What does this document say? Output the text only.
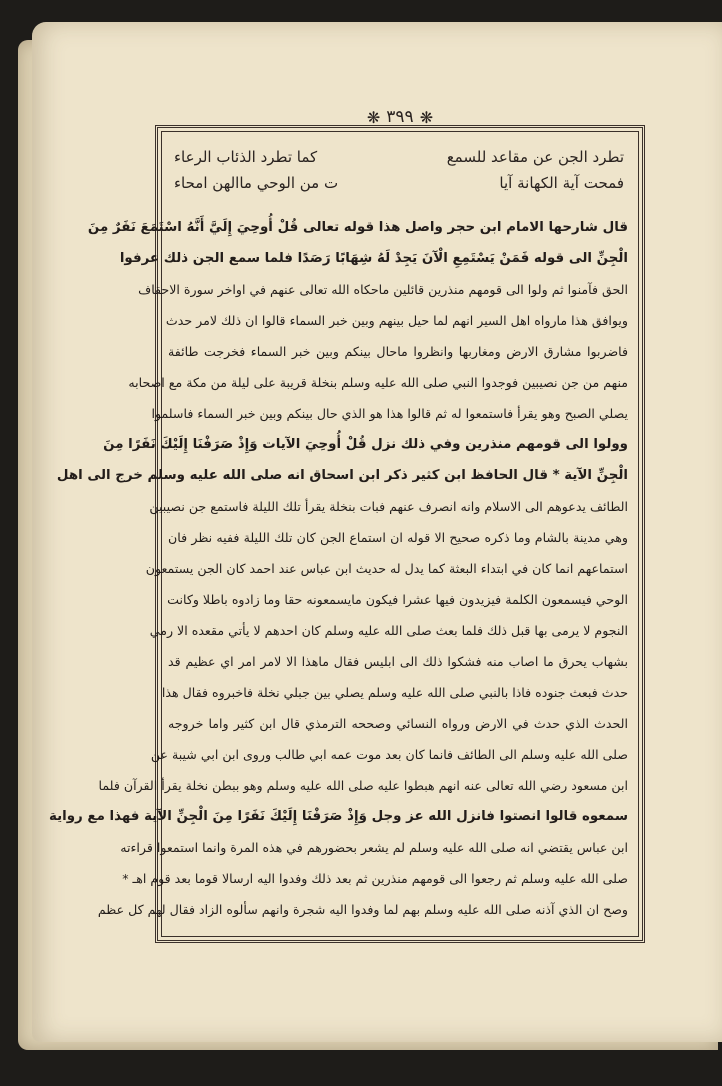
❋
٣٩٩
❋
تطرد الجن عن مقاعد للسمع
كما تطرد الذئاب الرعاء
فمحت آية الكهانة آيا
ت من الوحي ماالهن امحاء
قال شارحها الامام ابن حجر واصل هذا قوله تعالى قُلْ أُوحِيَ إِلَيَّ أَنَّهُ اسْتَمَعَ نَفَرٌ مِنَ
الْجِنِّ الى قوله فَمَنْ يَسْتَمِعِ الْآنَ يَجِدْ لَهُ شِهَابًا رَصَدًا فلما سمع الجن ذلك عرفوا
الحق فآمنوا ثم ولوا الى قومهم منذرين قائلين ماحكاه الله تعالى عنهم في اواخر سورة الاحقاف
ويوافق هذا مارواه اهل السير انهم لما حيل بينهم وبين خبر السماء قالوا ان ذلك لامر حدث
فاضربوا مشارق الارض ومغاربها وانظروا ماحال بينكم وبين خبر السماء فخرجت طائفة
منهم من جن نصيبين فوجدوا النبي صلى الله عليه وسلم بنخلة قريبة على ليلة من مكة مع اصحابه
يصلي الصبح وهو يقرأ فاستمعوا له ثم قالوا هذا هو الذي حال بينكم وبين خبر السماء فاسلموا
وولوا الى قومهم منذرين وفي ذلك نزل قُلْ أُوحِيَ الآيات وَإِذْ صَرَفْنَا إِلَيْكَ نَفَرًا مِنَ
الْجِنِّ الآية * قال الحافظ ابن كثير ذكر ابن اسحاق انه صلى الله عليه وسلم خرج الى اهل
الطائف يدعوهم الى الاسلام وانه انصرف عنهم فبات بنخلة يقرأ تلك الليلة فاستمع جن نصيبين
وهي مدينة بالشام وما ذكره صحيح الا قوله ان استماع الجن كان تلك الليلة ففيه نظر فان
استماعهم انما كان في ابتداء البعثة كما يدل له حديث ابن عباس عند احمد كان الجن يستمعون
الوحي فيسمعون الكلمة فيزيدون فيها عشرا فيكون مايسمعونه حقا وما زادوه باطلا وكانت
النجوم لا يرمى بها قبل ذلك فلما بعث صلى الله عليه وسلم كان احدهم لا يأتي مقعده الا رمي
بشهاب يحرق ما اصاب منه فشكوا ذلك الى ابليس فقال ماهذا الا لامر امر اي عظيم قد
حدث فبعث جنوده فاذا بالنبي صلى الله عليه وسلم يصلي بين جبلي نخلة فاخبروه فقال هذا
الحدث الذي حدث في الارض ورواه النسائي وصححه الترمذي قال ابن كثير واما خروجه
صلى الله عليه وسلم الى الطائف فانما كان بعد موت عمه ابي طالب وروى ابن ابي شيبة عن
ابن مسعود رضي الله تعالى عنه انهم هبطوا عليه صلى الله عليه وسلم وهو ببطن نخلة يقرأ القرآن فلما
سمعوه قالوا انصتوا فانزل الله عز وجل وَإِذْ صَرَفْنَا إِلَيْكَ نَفَرًا مِنَ الْجِنِّ الآية فهذا مع رواية
ابن عباس يقتضي انه صلى الله عليه وسلم لم يشعر بحضورهم في هذه المرة وانما استمعوا قراءته
صلى الله عليه وسلم ثم رجعوا الى قومهم منذرين ثم بعد ذلك وفدوا اليه ارسالا قوما بعد قوم اهـ *
وصح ان الذي آذنه صلى الله عليه وسلم بهم لما وفدوا اليه شجرة وانهم سألوه الزاد فقال لهم كل عظم
